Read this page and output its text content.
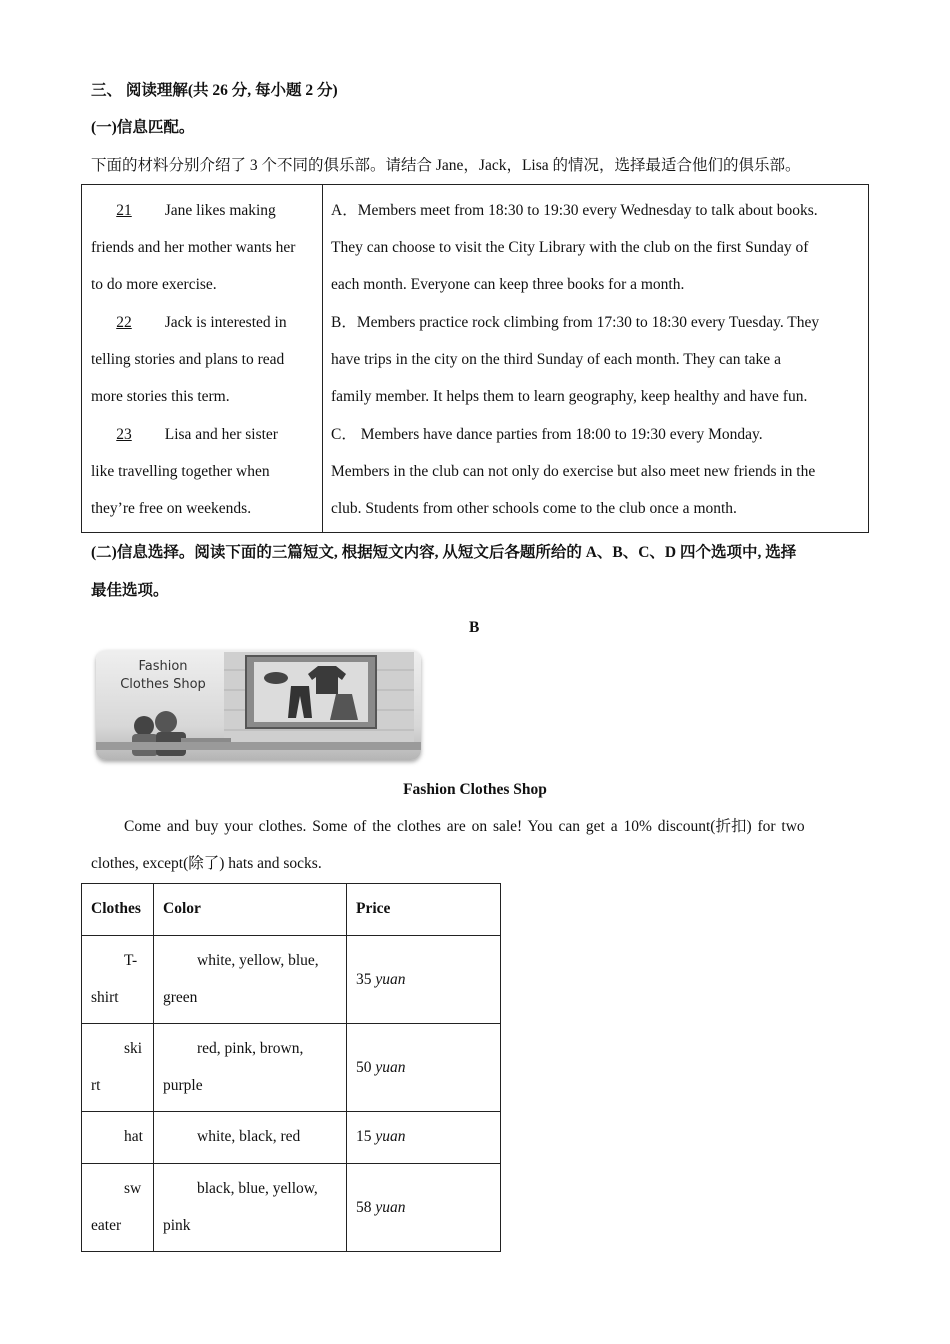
三、 阅读理解(共 26 分, 每小题 2 分)
(一)信息匹配。
下面的材料分别介绍了 3 个不同的俱乐部。请结合 Jane，Jack，Lisa 的情况，选择最适合他们的俱乐部。
21 Jane likes making
friends and her mother wants her
to do more exercise.
22 Jack is interested in
telling stories and plans to read
more stories this term.
23 Lisa and her sister
like travelling together when
they’re free on weekends.
A．Members meet from 18:30 to 19:30 every Wednesday to talk about books.
They can choose to visit the City Library with the club on the first Sunday of
each month. Everyone can keep three books for a month.
B．Members practice rock climbing from 17:30 to 18:30 every Tuesday. They
have trips in the city on the third Sunday of each month. They can take a
family member. It helps them to learn geography, keep healthy and have fun.
C． Members have dance parties from 18:00 to 19:30 every Monday.
Members in the club can not only do exercise but also meet new friends in the
club. Students from other schools come to the club once a month.
(二)信息选择。阅读下面的三篇短文, 根据短文内容, 从短文后各题所给的 A、B、C、D 四个选项中, 选择
最佳选项。
B
Fashion
Clothes Shop
Fashion Clothes Shop
Come and buy your clothes. Some of the clothes are on sale! You can get a 10% discount(折扣) for two
clothes, except(除了) hats and socks.
Clothes	Color	Price

T-
shirt	white, yellow, blue,
green	35 yuan

ski
rt	red, pink, brown,
purple	50 yuan

hat	white, black, red	15 yuan

sw
eater	black, blue, yellow,
pink	58 yuan
